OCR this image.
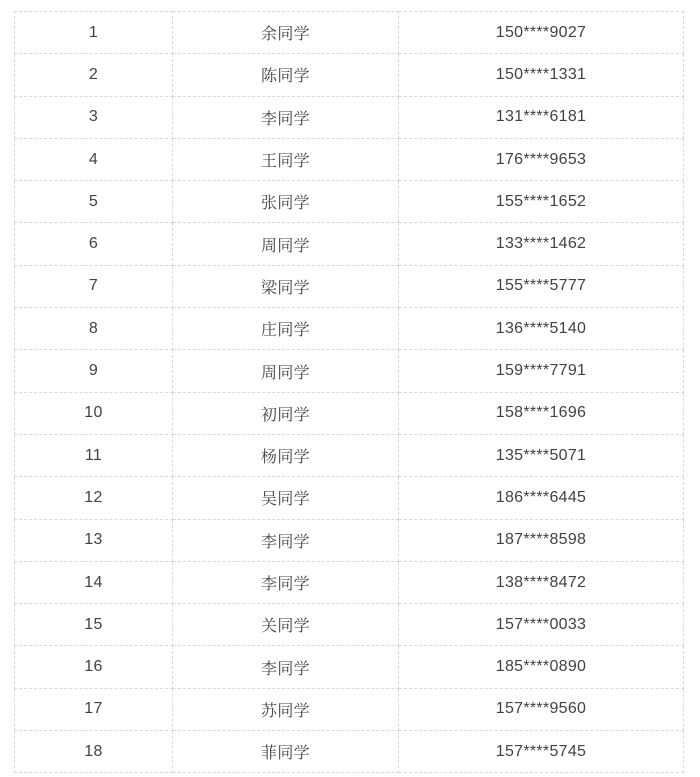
1	余同学	150****9027
2	陈同学	150****1331
3	李同学	131****6181
4	王同学	176****9653
5	张同学	155****1652
6	周同学	133****1462
7	梁同学	155****5777
8	庄同学	136****5140
9	周同学	159****7791
10	初同学	158****1696
11	杨同学	135****5071
12	吴同学	186****6445
13	李同学	187****8598
14	李同学	138****8472
15	关同学	157****0033
16	李同学	185****0890
17	苏同学	157****9560
18	菲同学	157****5745
